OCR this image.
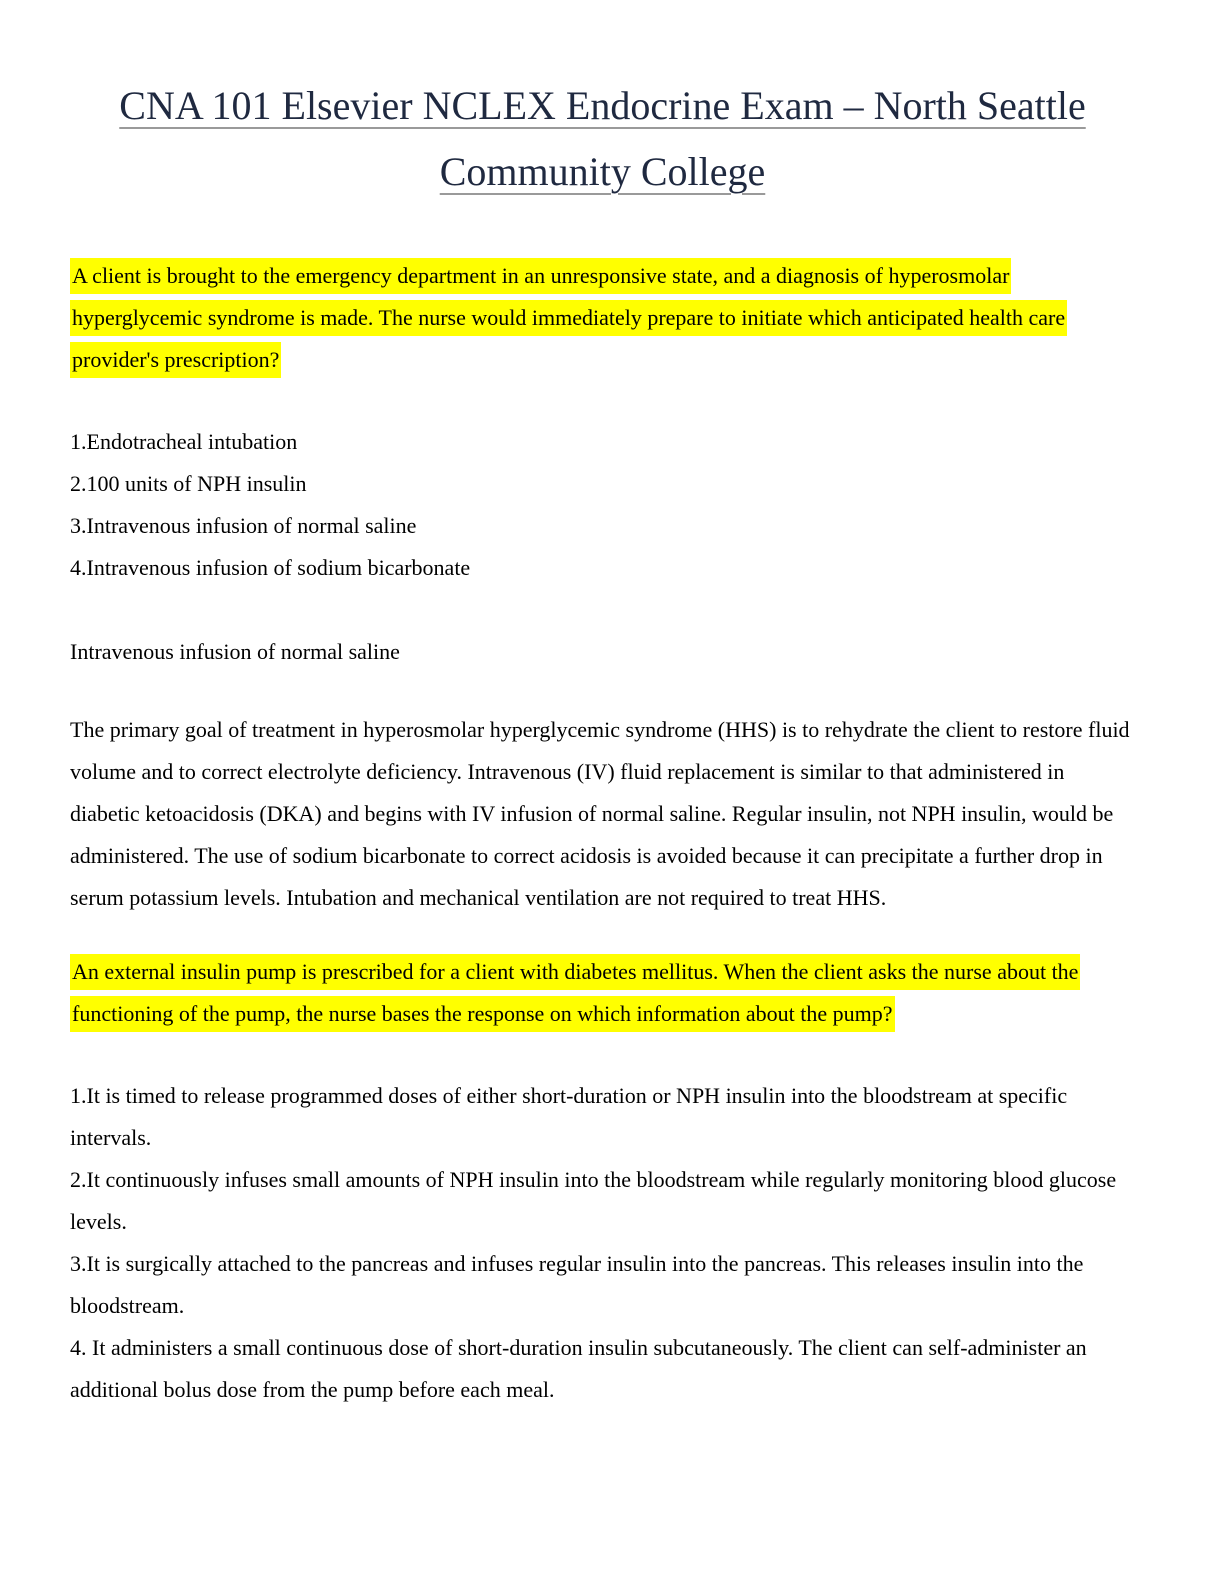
CNA 101 Elsevier NCLEX Endocrine Exam – North Seattle Community College

A client is brought to the emergency department in an unresponsive state, and a diagnosis of hyperosmolar hyperglycemic syndrome is made. The nurse would immediately prepare to initiate which anticipated health care provider's prescription?

1.Endotracheal intubation

2.100 units of NPH insulin

3.Intravenous infusion of normal saline

4.Intravenous infusion of sodium bicarbonate

Intravenous infusion of normal saline

The primary goal of treatment in hyperosmolar hyperglycemic syndrome (HHS) is to rehydrate the client to restore fluid volume and to correct electrolyte deficiency. Intravenous (IV) fluid replacement is similar to that administered in diabetic ketoacidosis (DKA) and begins with IV infusion of normal saline. Regular insulin, not NPH insulin, would be administered. The use of sodium bicarbonate to correct acidosis is avoided because it can precipitate a further drop in serum potassium levels. Intubation and mechanical ventilation are not required to treat HHS.

An external insulin pump is prescribed for a client with diabetes mellitus. When the client asks the nurse about the functioning of the pump, the nurse bases the response on which information about the pump?

1.It is timed to release programmed doses of either short-duration or NPH insulin into the bloodstream at specific intervals.

2.It continuously infuses small amounts of NPH insulin into the bloodstream while regularly monitoring blood glucose levels.

3.It is surgically attached to the pancreas and infuses regular insulin into the pancreas. This releases insulin into the bloodstream.

4. It administers a small continuous dose of short-duration insulin subcutaneously. The client can self-administer an additional bolus dose from the pump before each meal.
